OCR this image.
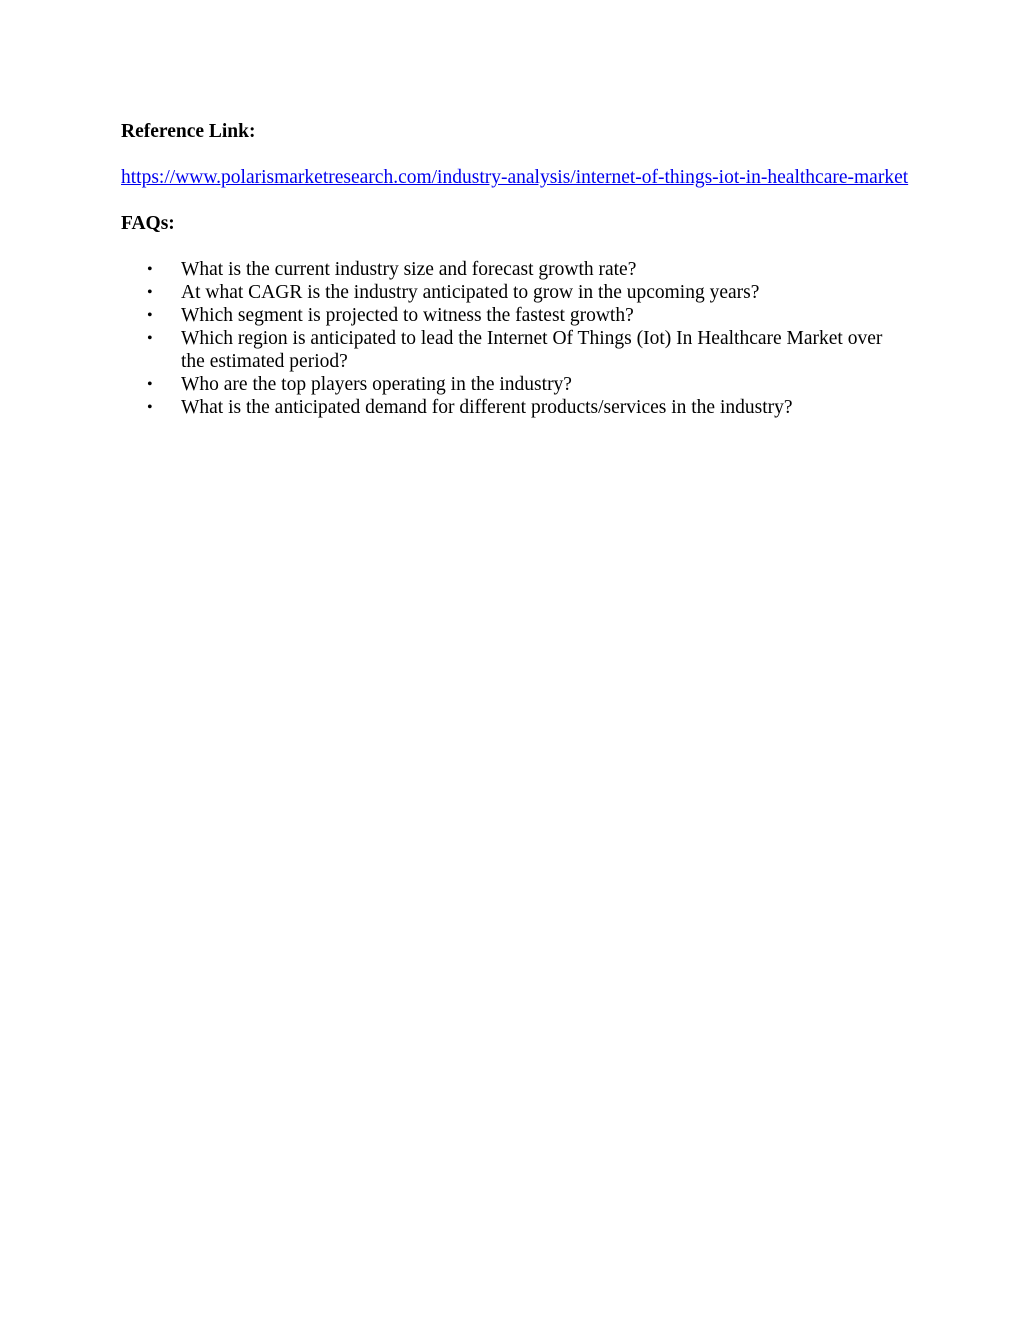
Reference Link:

https://www.polarismarketresearch.com/industry-analysis/internet-of-things-iot-in-healthcare-market

FAQs:

• What is the current industry size and forecast growth rate?
• At what CAGR is the industry anticipated to grow in the upcoming years?
• Which segment is projected to witness the fastest growth?
• Which region is anticipated to lead the Internet Of Things (Iot) In Healthcare Market over the estimated period?
• Who are the top players operating in the industry?
• What is the anticipated demand for different products/services in the industry?
